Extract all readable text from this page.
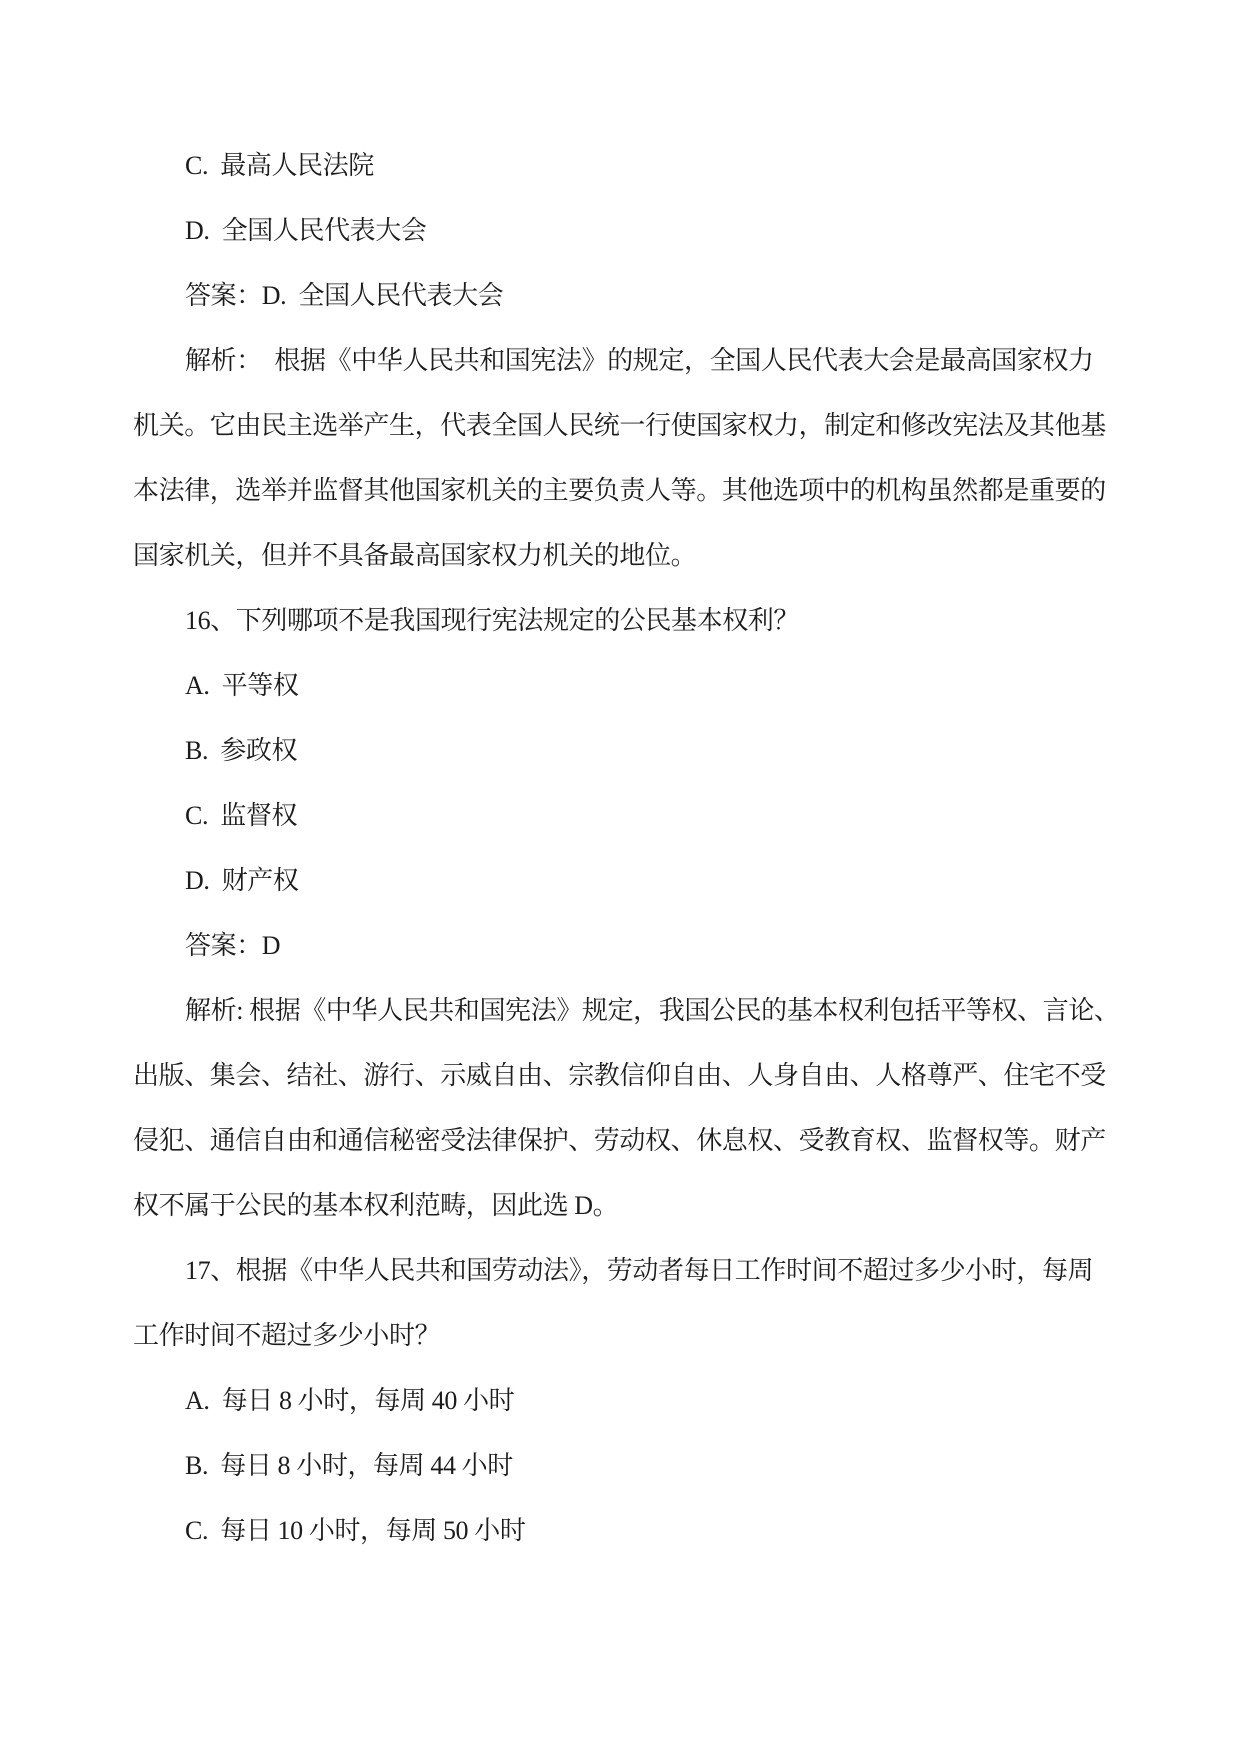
C.  最高人民法院
D.  全国人民代表大会
答案：D.  全国人民代表大会
解析：　根据《中华人民共和国宪法》的规定，全国人民代表大会是最高国家权力
机关。它由民主选举产生，代表全国人民统一行使国家权力，制定和修改宪法及其他基
本法律，选举并监督其他国家机关的主要负责人等。其他选项中的机构虽然都是重要的
国家机关，但并不具备最高国家权力机关的地位。
16、下列哪项不是我国现行宪法规定的公民基本权利？
A.  平等权
B.  参政权
C.  监督权
D.  财产权
答案：D
解析: 根据《中华人民共和国宪法》规定，我国公民的基本权利包括平等权、言论、
出版、集会、结社、游行、示威自由、宗教信仰自由、人身自由、人格尊严、住宅不受
侵犯、通信自由和通信秘密受法律保护、劳动权、休息权、受教育权、监督权等。财产
权不属于公民的基本权利范畴，因此选 D。
17、根据《中华人民共和国劳动法》，劳动者每日工作时间不超过多少小时，每周
工作时间不超过多少小时？
A.  每日 8 小时，每周 40 小时
B.  每日 8 小时，每周 44 小时
C.  每日 10 小时，每周 50 小时
